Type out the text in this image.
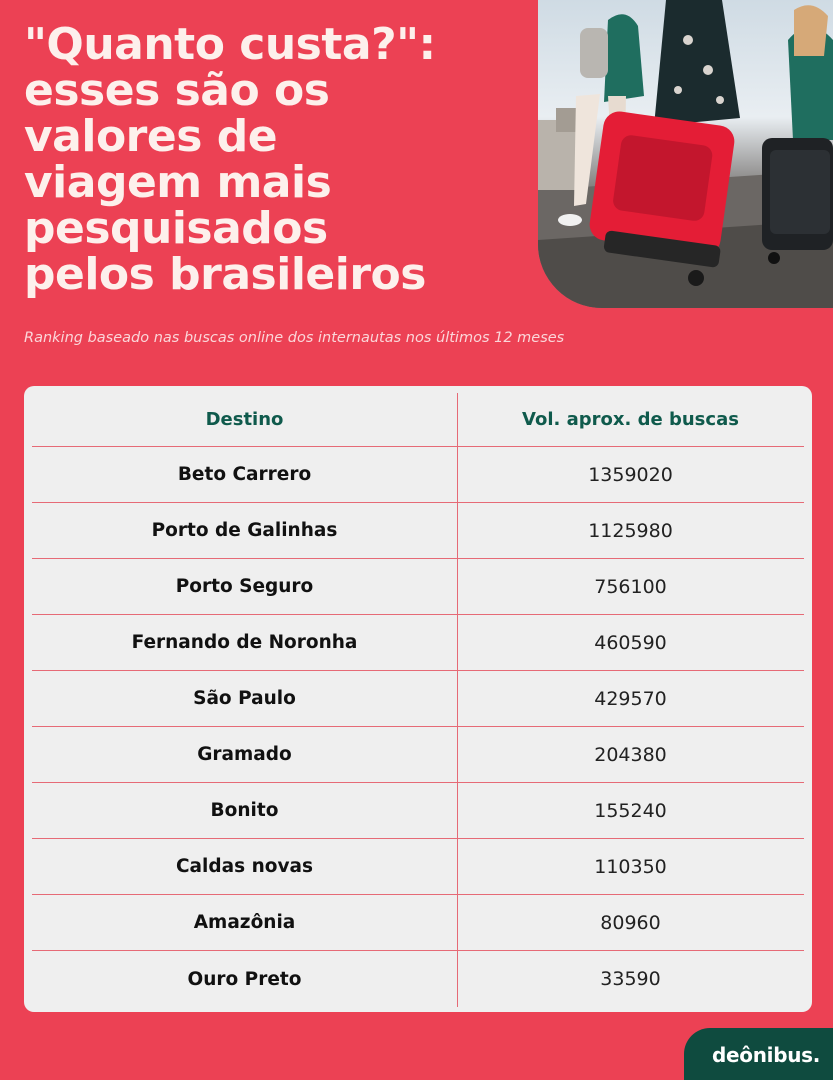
"Quanto custa?":
esses são os
valores de
viagem mais
pesquisados
pelos brasileiros

Ranking baseado nas buscas online dos internautas nos últimos 12 meses

Destino	Vol. aprox. de buscas
Beto Carrero	1359020
Porto de Galinhas	1125980
Porto Seguro	756100
Fernando de Noronha	460590
São Paulo	429570
Gramado	204380
Bonito	155240
Caldas novas	110350
Amazônia	80960
Ouro Preto	33590
deônibus.
